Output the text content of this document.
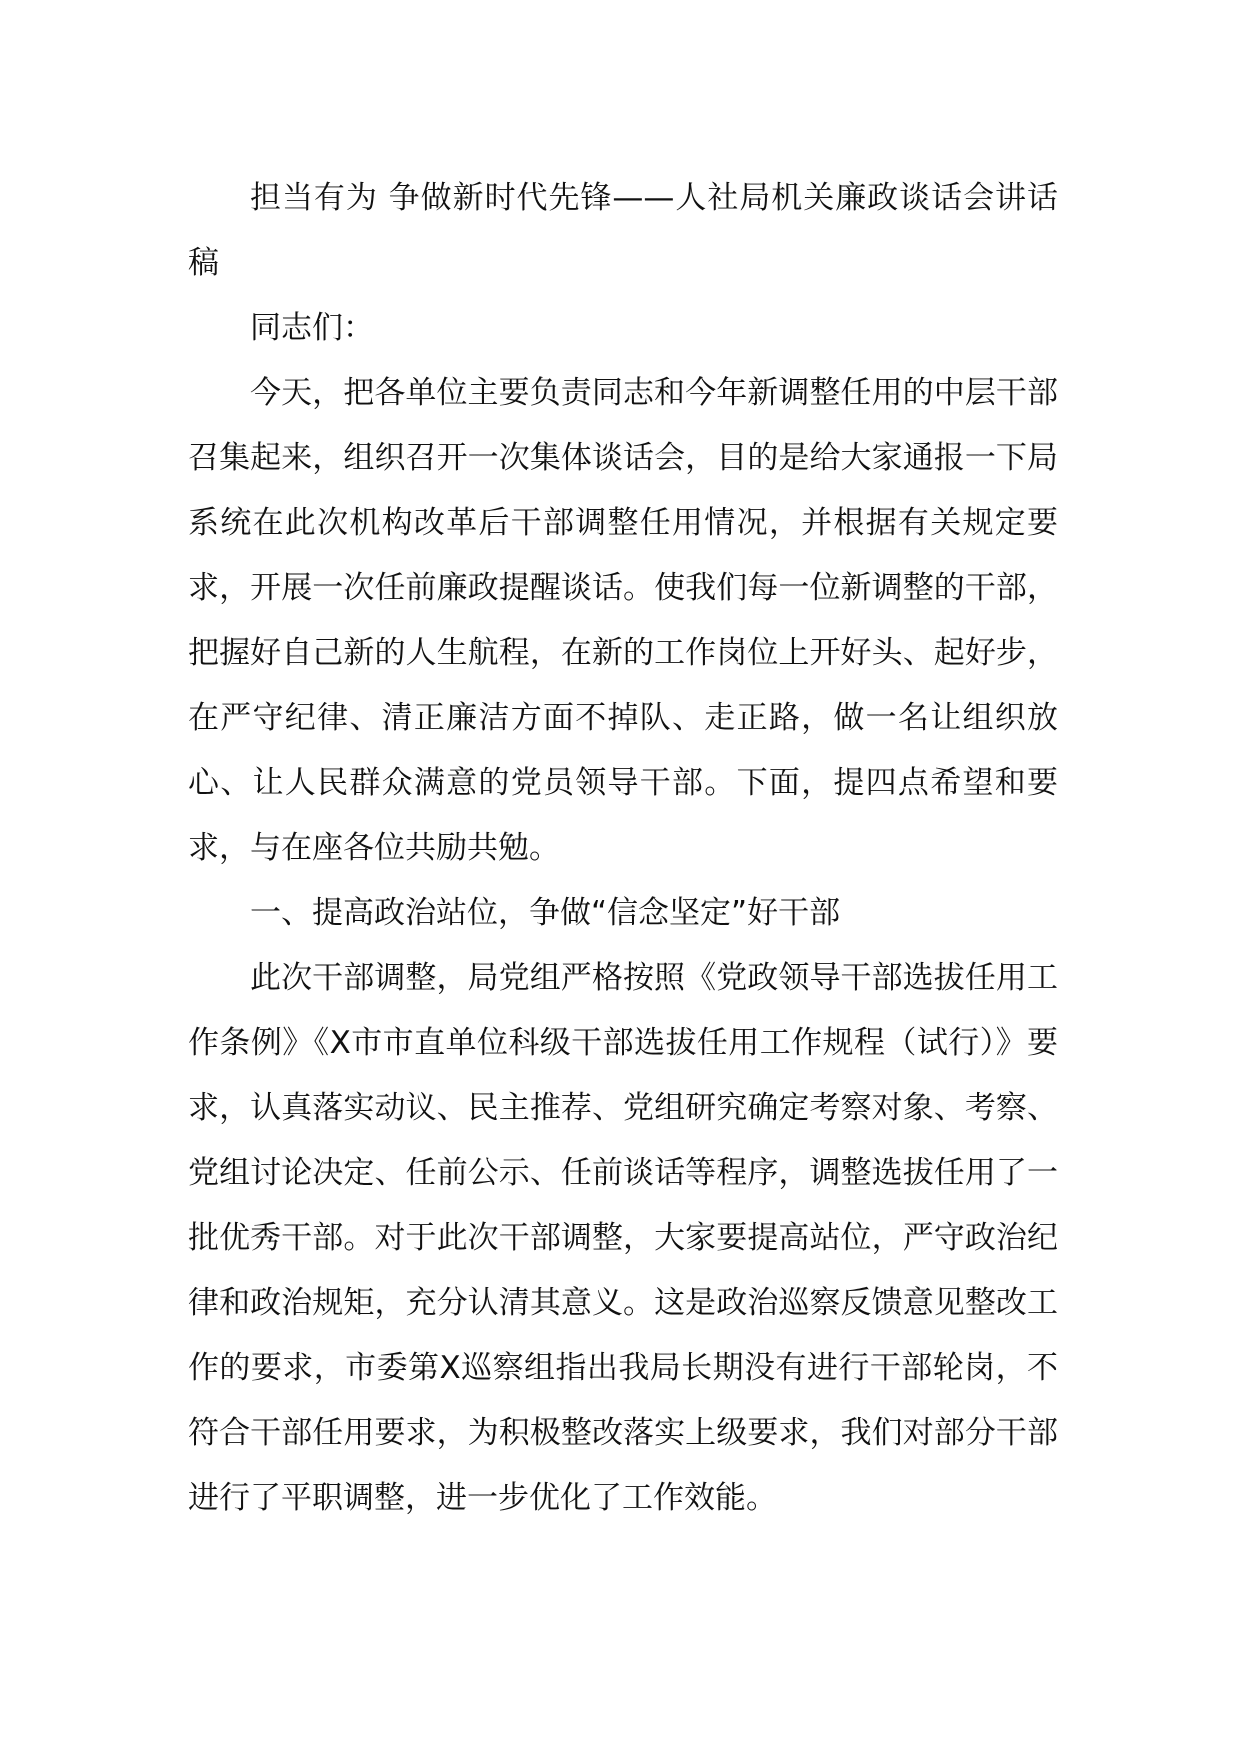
担当有为 争做新时代先锋——人社局机关廉政谈话会讲话稿

同志们：

今天，把各单位主要负责同志和今年新调整任用的中层干部召集起来，组织召开一次集体谈话会，目的是给大家通报一下局系统在此次机构改革后干部调整任用情况，并根据有关规定要求，开展一次任前廉政提醒谈话。使我们每一位新调整的干部，把握好自己新的人生航程，在新的工作岗位上开好头、起好步，在严守纪律、清正廉洁方面不掉队、走正路，做一名让组织放心、让人民群众满意的党员领导干部。下面，提四点希望和要求，与在座各位共励共勉。

一、提高政治站位，争做“信念坚定”好干部

此次干部调整，局党组严格按照《党政领导干部选拔任用工作条例》《X市市直单位科级干部选拔任用工作规程（试行）》要求，认真落实动议、民主推荐、党组研究确定考察对象、考察、党组讨论决定、任前公示、任前谈话等程序，调整选拔任用了一批优秀干部。对于此次干部调整，大家要提高站位，严守政治纪律和政治规矩，充分认清其意义。这是政治巡察反馈意见整改工作的要求，市委第X巡察组指出我局长期没有进行干部轮岗，不符合干部任用要求，为积极整改落实上级要求，我们对部分干部进行了平职调整，进一步优化了工作效能。
